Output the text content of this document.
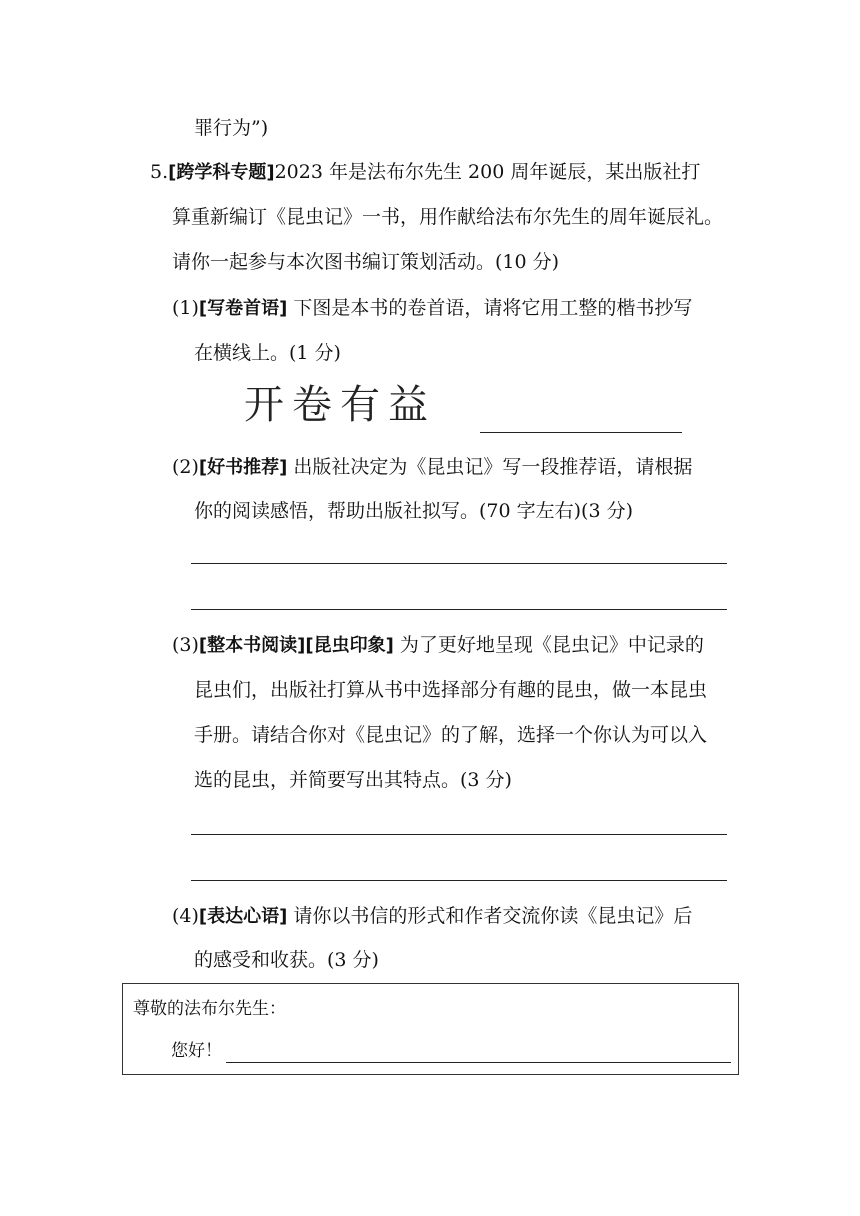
罪行为”)
5.[跨学科专题]2023 年是法布尔先生 200 周年诞辰，某出版社打
算重新编订《昆虫记》一书，用作献给法布尔先生的周年诞辰礼。
请你一起参与本次图书编订策划活动。(10 分)
(1)[写卷首语] 下图是本书的卷首语，请将它用工整的楷书抄写
在横线上。(1 分)
开卷有益
(2)[好书推荐] 出版社决定为《昆虫记》写一段推荐语，请根据
你的阅读感悟，帮助出版社拟写。(70 字左右)(3 分)
(3)[整本书阅读][昆虫印象] 为了更好地呈现《昆虫记》中记录的
昆虫们，出版社打算从书中选择部分有趣的昆虫，做一本昆虫
手册。请结合你对《昆虫记》的了解，选择一个你认为可以入
选的昆虫，并简要写出其特点。(3 分)
(4)[表达心语] 请你以书信的形式和作者交流你读《昆虫记》后
的感受和收获。(3 分)
尊敬的法布尔先生：
您好！
